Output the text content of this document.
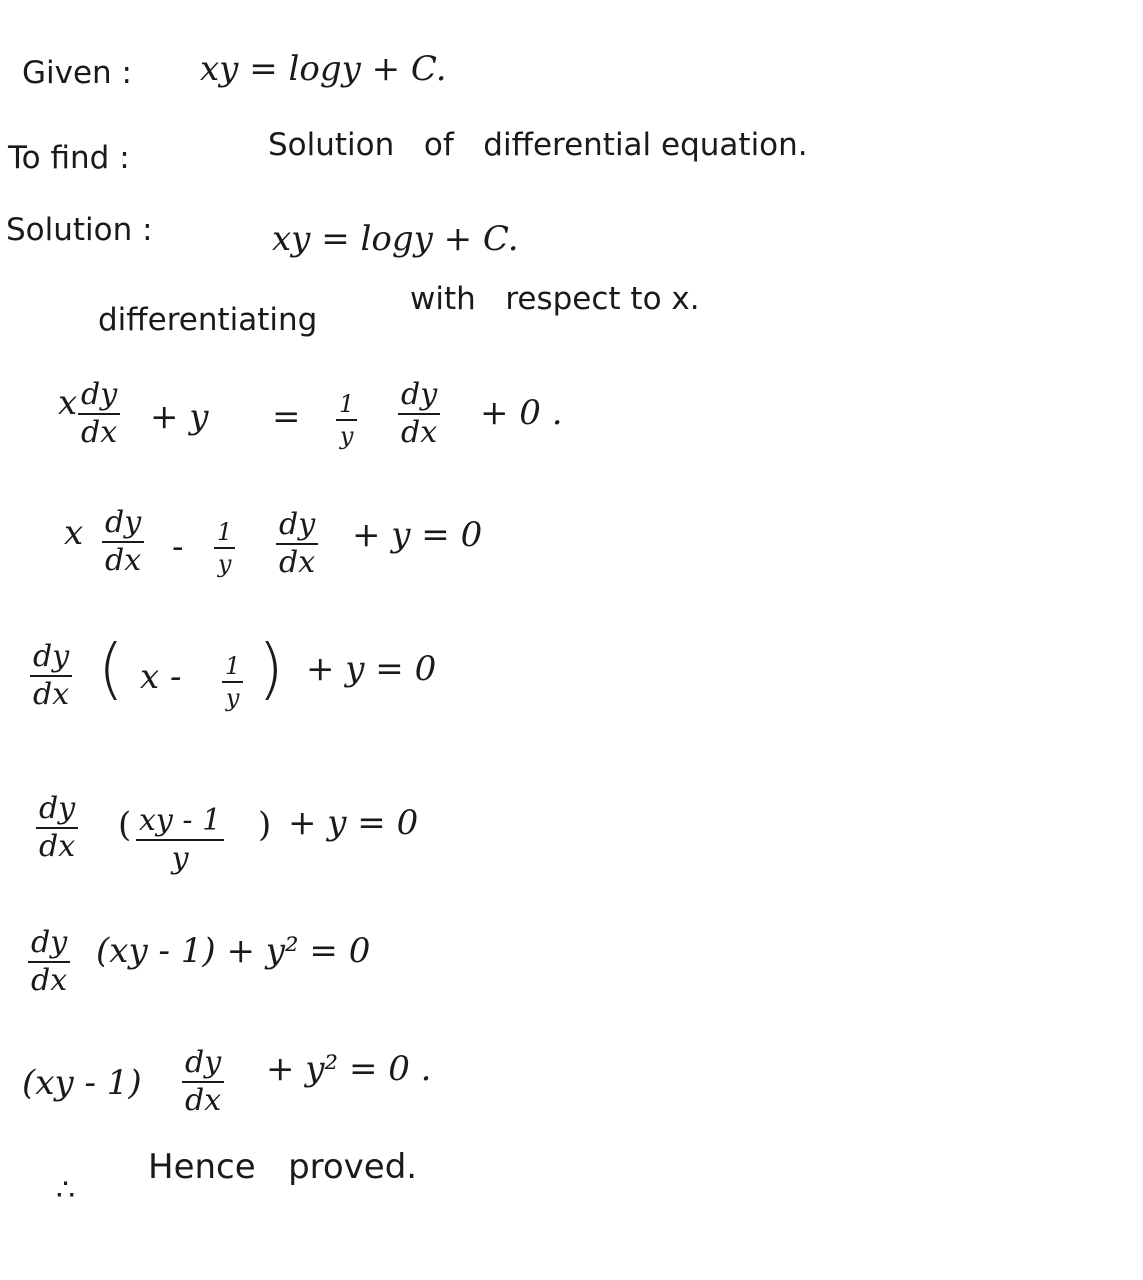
Given : xy = logy + C.
To find :	Solution   of   differential equation.
Solution :	xy = logy + C.
differentiating
with   respect to x.
x $\frac{dy}{dx} + y = \frac{1}{y} \frac{dy}{dx} + 0$ .
x $\frac{dy}{dx} - \frac{1}{y} \frac{dy}{dx} + y = 0$
$\frac{dy}{dx}$ ( x - $\frac{1}{y}$ ) + y = 0
$\frac{dy}{dx}$ ( $\frac{xy - 1}{y}$ ) + y = 0
$\frac{dy}{dx} (xy - 1) + y^2 = 0$
$(xy - 1) \frac{dy}{dx} + y^2 = 0$ .
∴
Hence   proved.
